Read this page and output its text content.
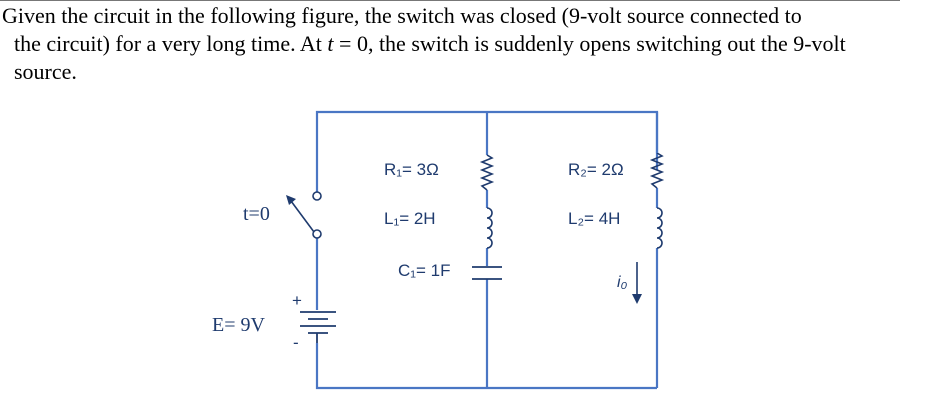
Given the circuit in the following figure, the switch was closed (9-volt source connected to
the circuit) for a very long time. At t = 0, the switch is suddenly opens switching out the 9-volt
source.
t=0
+
-
E= 9V
R₁= 3Ω
L₁= 2H
C₁= 1F
R₂= 2Ω
L₂= 4H
i₀
